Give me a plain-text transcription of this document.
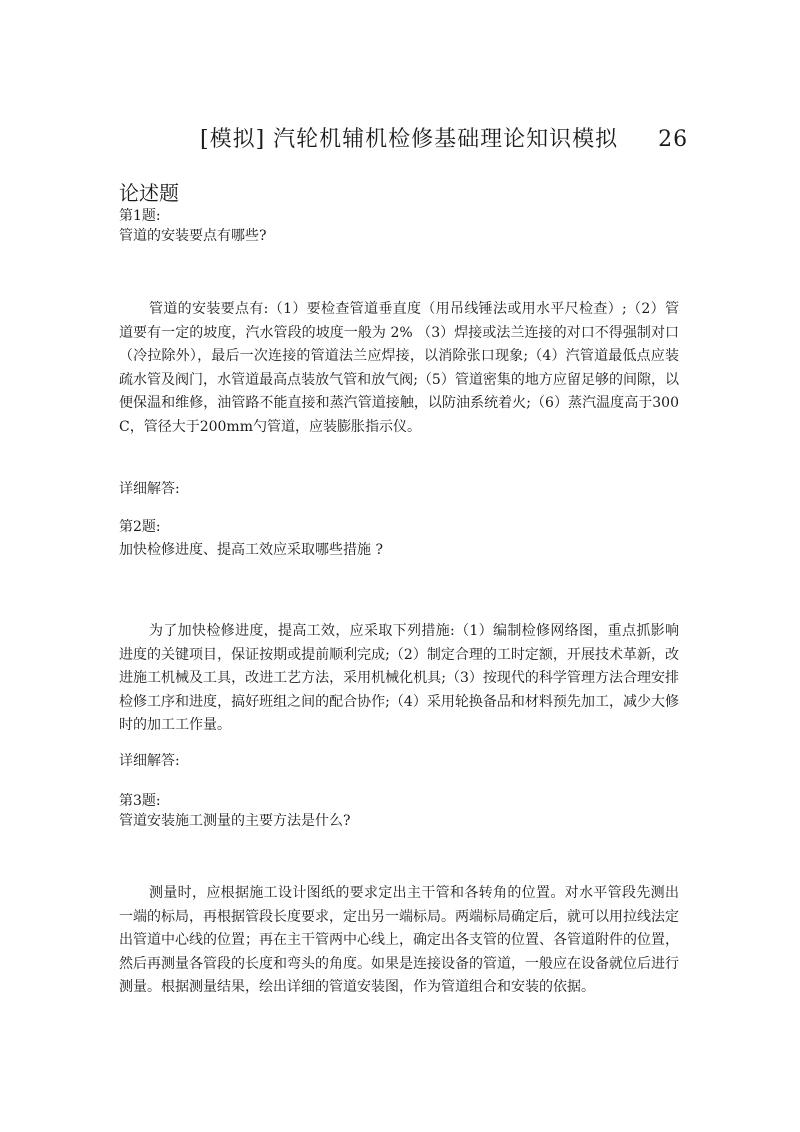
[模拟] 汽轮机辅机检修基础理论知识模拟 26
论述题
第1题:
管道的安装要点有哪些?
管道的安装要点有:（1）要检查管道垂直度（用吊线锤法或用水平尺检查）;（2）管道要有一定的坡度，汽水管段的坡度一般为 2% （3）焊接或法兰连接的对口不得强制对口（冷拉除外），最后一次连接的管道法兰应焊接，以消除张口现象;（4）汽管道最低点应装疏水管及阀门，水管道最高点装放气管和放气阀;（5）管道密集的地方应留足够的间隙，以便保温和维修，油管路不能直接和蒸汽管道接触，以防油系统着火;（6）蒸汽温度高于300C，管径大于200mm勺管道，应装膨胀指示仪。
详细解答:
第2题:
加快检修进度、提高工效应采取哪些措施 ?
为了加快检修进度，提高工效，应采取下列措施:（1）编制检修网络图，重点抓影响进度的关键项目，保证按期或提前顺利完成;（2）制定合理的工时定额，开展技术革新，改进施工机械及工具，改进工艺方法，采用机械化机具;（3）按现代的科学管理方法合理安排检修工序和进度，搞好班组之间的配合协作;（4）采用轮换备品和材料预先加工，减少大修时的加工工作量。
详细解答:
第3题:
管道安装施工测量的主要方法是什么?
测量时，应根据施工设计图纸的要求定出主干管和各转角的位置。对水平管段先测出一端的标局，再根据管段长度要求，定出另一端标局。两端标局确定后，就可以用拉线法定出管道中心线的位置；再在主干管两中心线上，确定出各支管的位置、各管道附件的位置，然后再测量各管段的长度和弯头的角度。如果是连接设备的管道，一般应在设备就位后进行测量。根据测量结果，绘出详细的管道安装图，作为管道组合和安装的依据。
